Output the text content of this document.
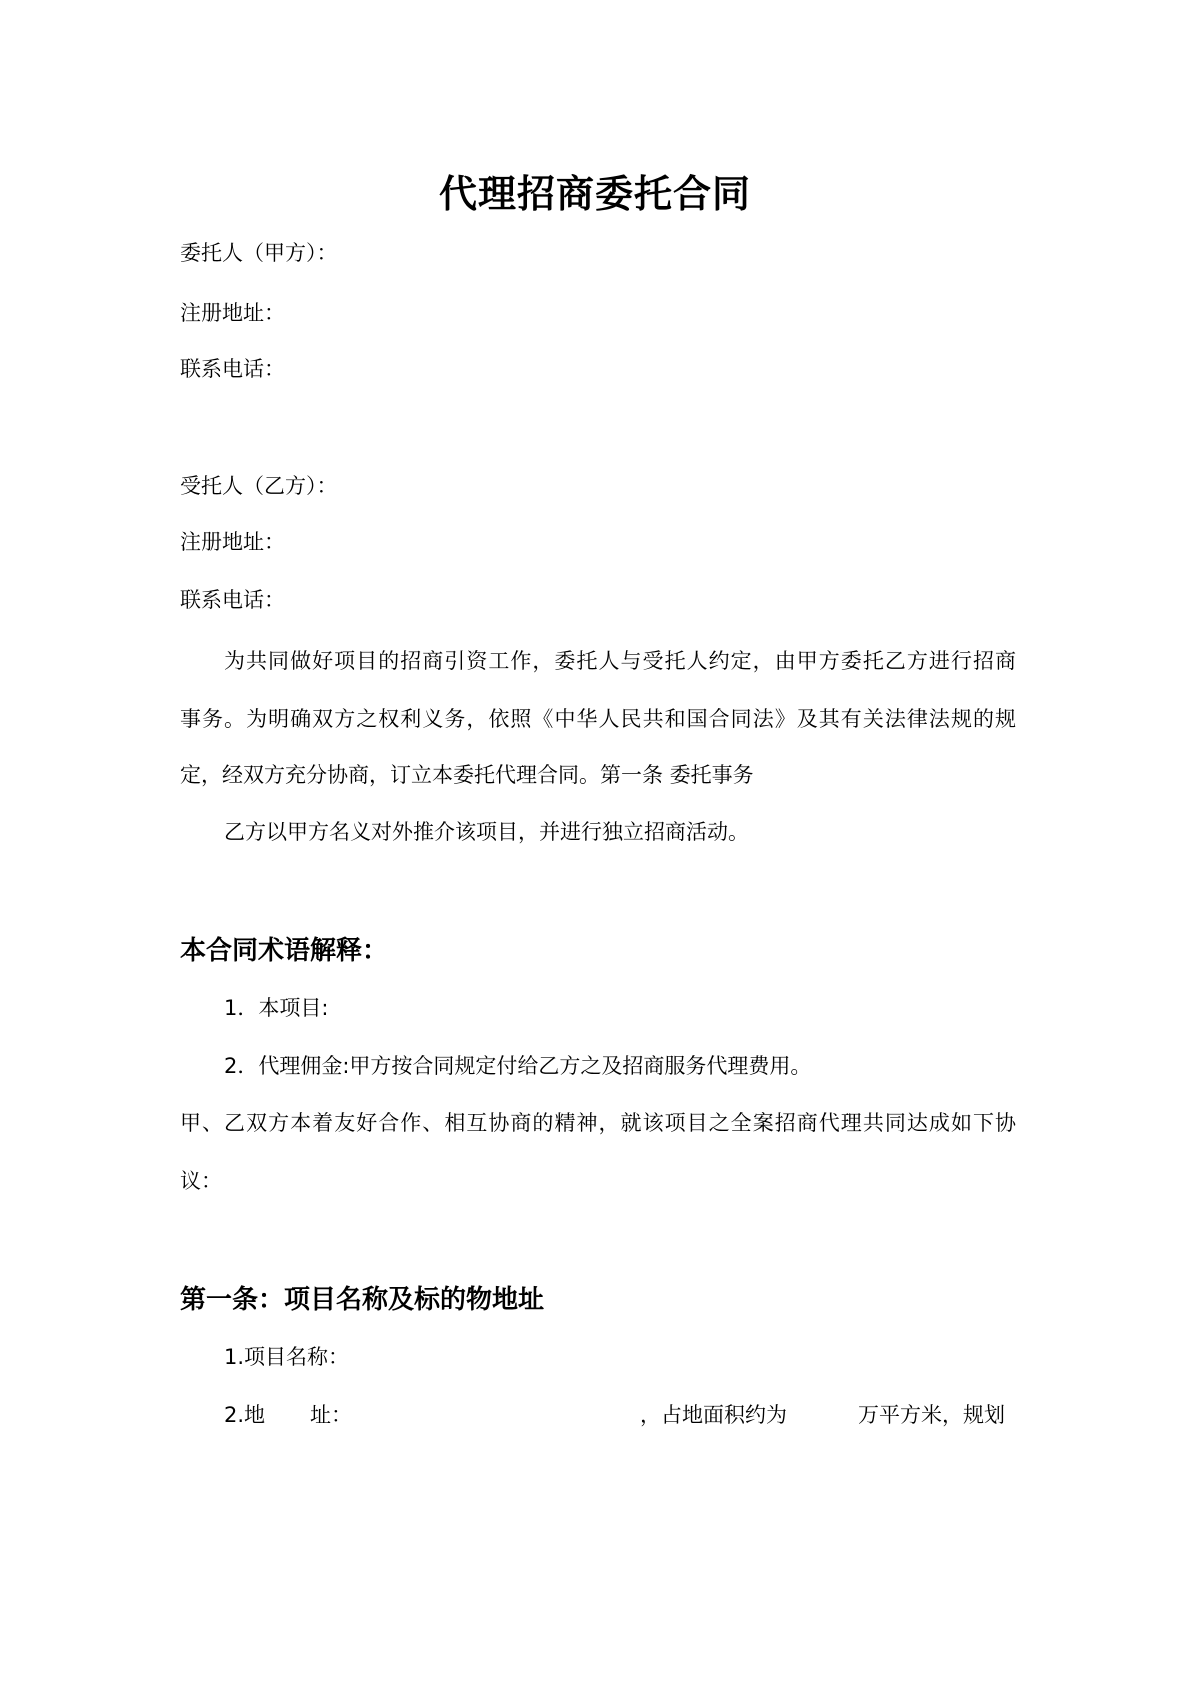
代理招商委托合同
委托人（甲方）：
注册地址：
联系电话：
受托人（乙方）：
注册地址：
联系电话：
为共同做好项目的招商引资工作，委托人与受托人约定，由甲方委托乙方进行招商
事务。为明确双方之权利义务，依照《中华人民共和国合同法》及其有关法律法规的规
定，经双方充分协商，订立本委托代理合同。第一条 委托事务
乙方以甲方名义对外推介该项目，并进行独立招商活动。
本合同术语解释：
1．本项目:
2．代理佣金:甲方按合同规定付给乙方之及招商服务代理费用。
甲、乙双方本着友好合作、相互协商的精神，就该项目之全案招商代理共同达成如下协
议：
第一条：项目名称及标的物地址
1.项目名称：
2.地 址：	，占地面积约为	万平方米，规划
